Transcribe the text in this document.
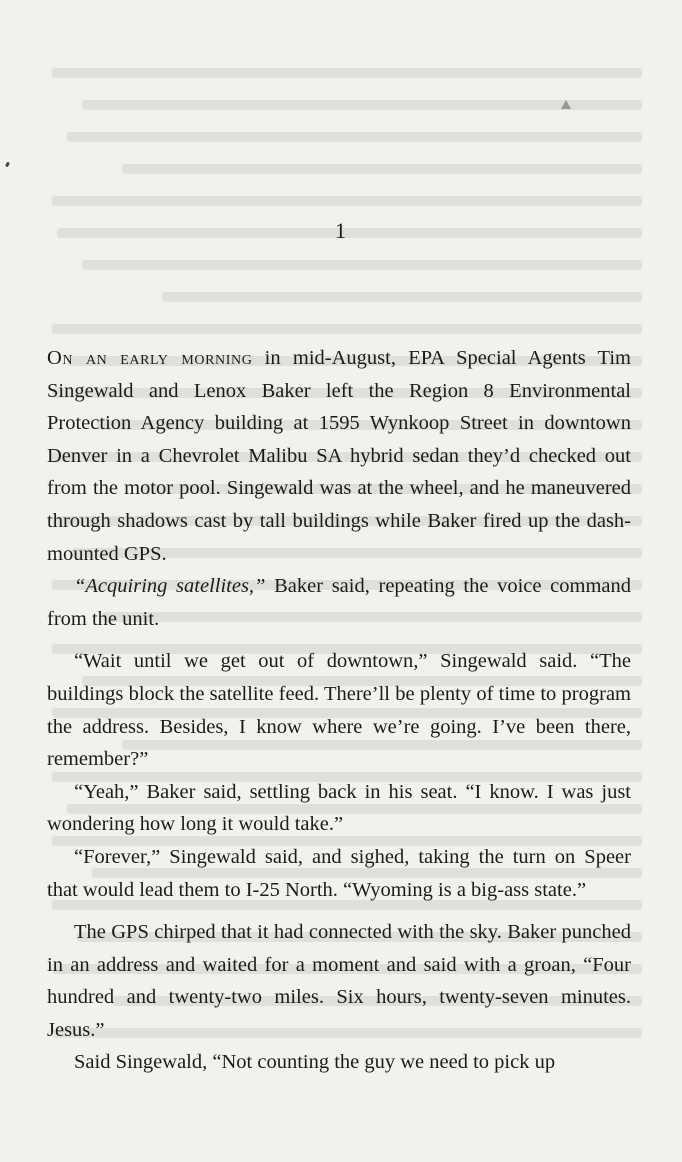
1

On an early morning in mid-August, EPA Special Agents Tim Singewald and Lenox Baker left the Region 8 Environmental Protection Agency building at 1595 Wynkoop Street in downtown Denver in a Chevrolet Malibu SA hybrid sedan they’d checked out from the motor pool. Singewald was at the wheel, and he maneuvered through shadows cast by tall buildings while Baker fired up the dash-mounted GPS.

“Acquiring satellites,” Baker said, repeating the voice command from the unit.

“Wait until we get out of downtown,” Singewald said. “The buildings block the satellite feed. There’ll be plenty of time to program the address. Besides, I know where we’re going. I’ve been there, remember?”

“Yeah,” Baker said, settling back in his seat. “I know. I was just wondering how long it would take.”

“Forever,” Singewald said, and sighed, taking the turn on Speer that would lead them to I-25 North. “Wyoming is a big-ass state.”

The GPS chirped that it had connected with the sky. Baker punched in an address and waited for a moment and said with a groan, “Four hundred and twenty-two miles. Six hours, twenty-seven minutes. Jesus.”

Said Singewald, “Not counting the guy we need to pick up
